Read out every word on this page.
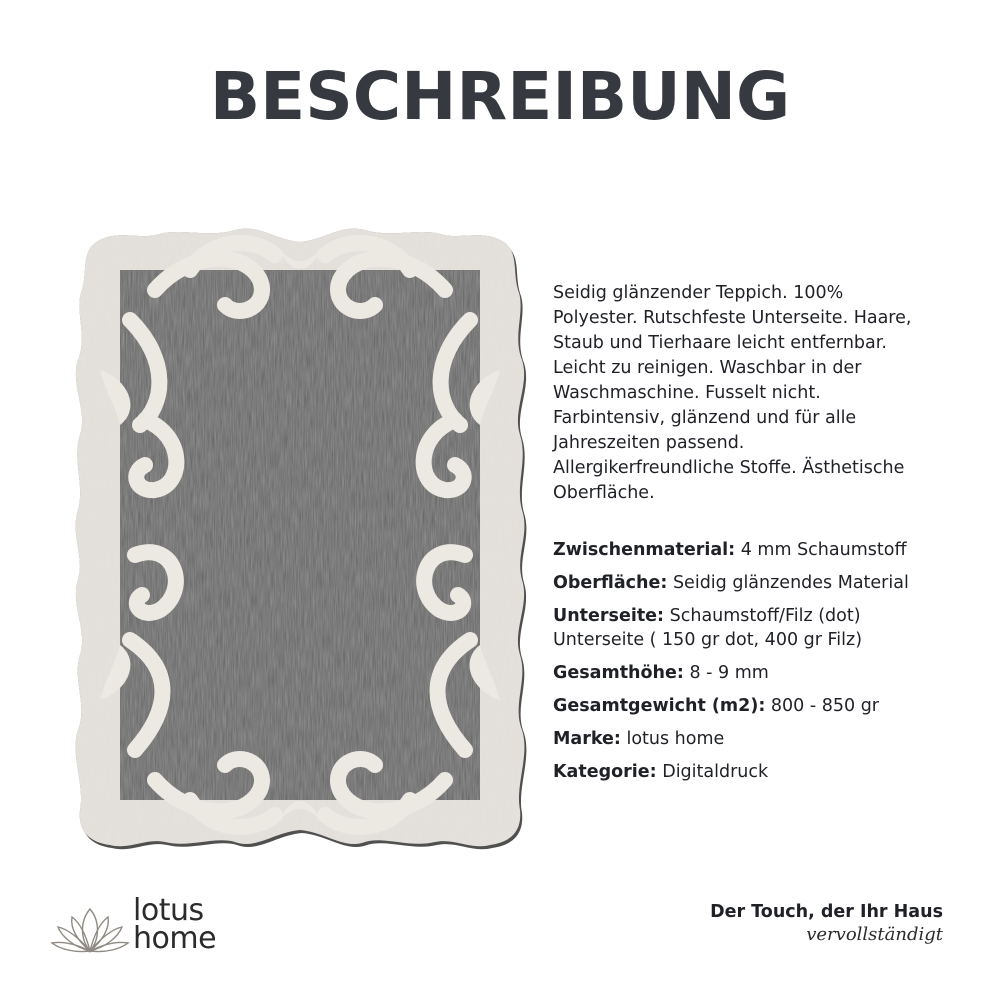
BESCHREIBUNG
Seidig glänzender Teppich. 100%
Polyester. Rutschfeste Unterseite. Haare,
Staub und Tierhaare leicht entfernbar.
Leicht zu reinigen. Waschbar in der
Waschmaschine. Fusselt nicht.
Farbintensiv, glänzend und für alle
Jahreszeiten passend.
Allergikerfreundliche Stoffe. Ästhetische
Oberfläche.
Zwischenmaterial: 4 mm Schaumstoff
Oberfläche: Seidig glänzendes Material
Unterseite: Schaumstoff/Filz (dot)
Unterseite ( 150 gr dot, 400 gr Filz)
Gesamthöhe: 8 - 9 mm
Gesamtgewicht (m2): 800 - 850 gr
Marke: lotus home
Kategorie: Digitaldruck
lotus
home
Der Touch, der Ihr Haus
vervollständigt
